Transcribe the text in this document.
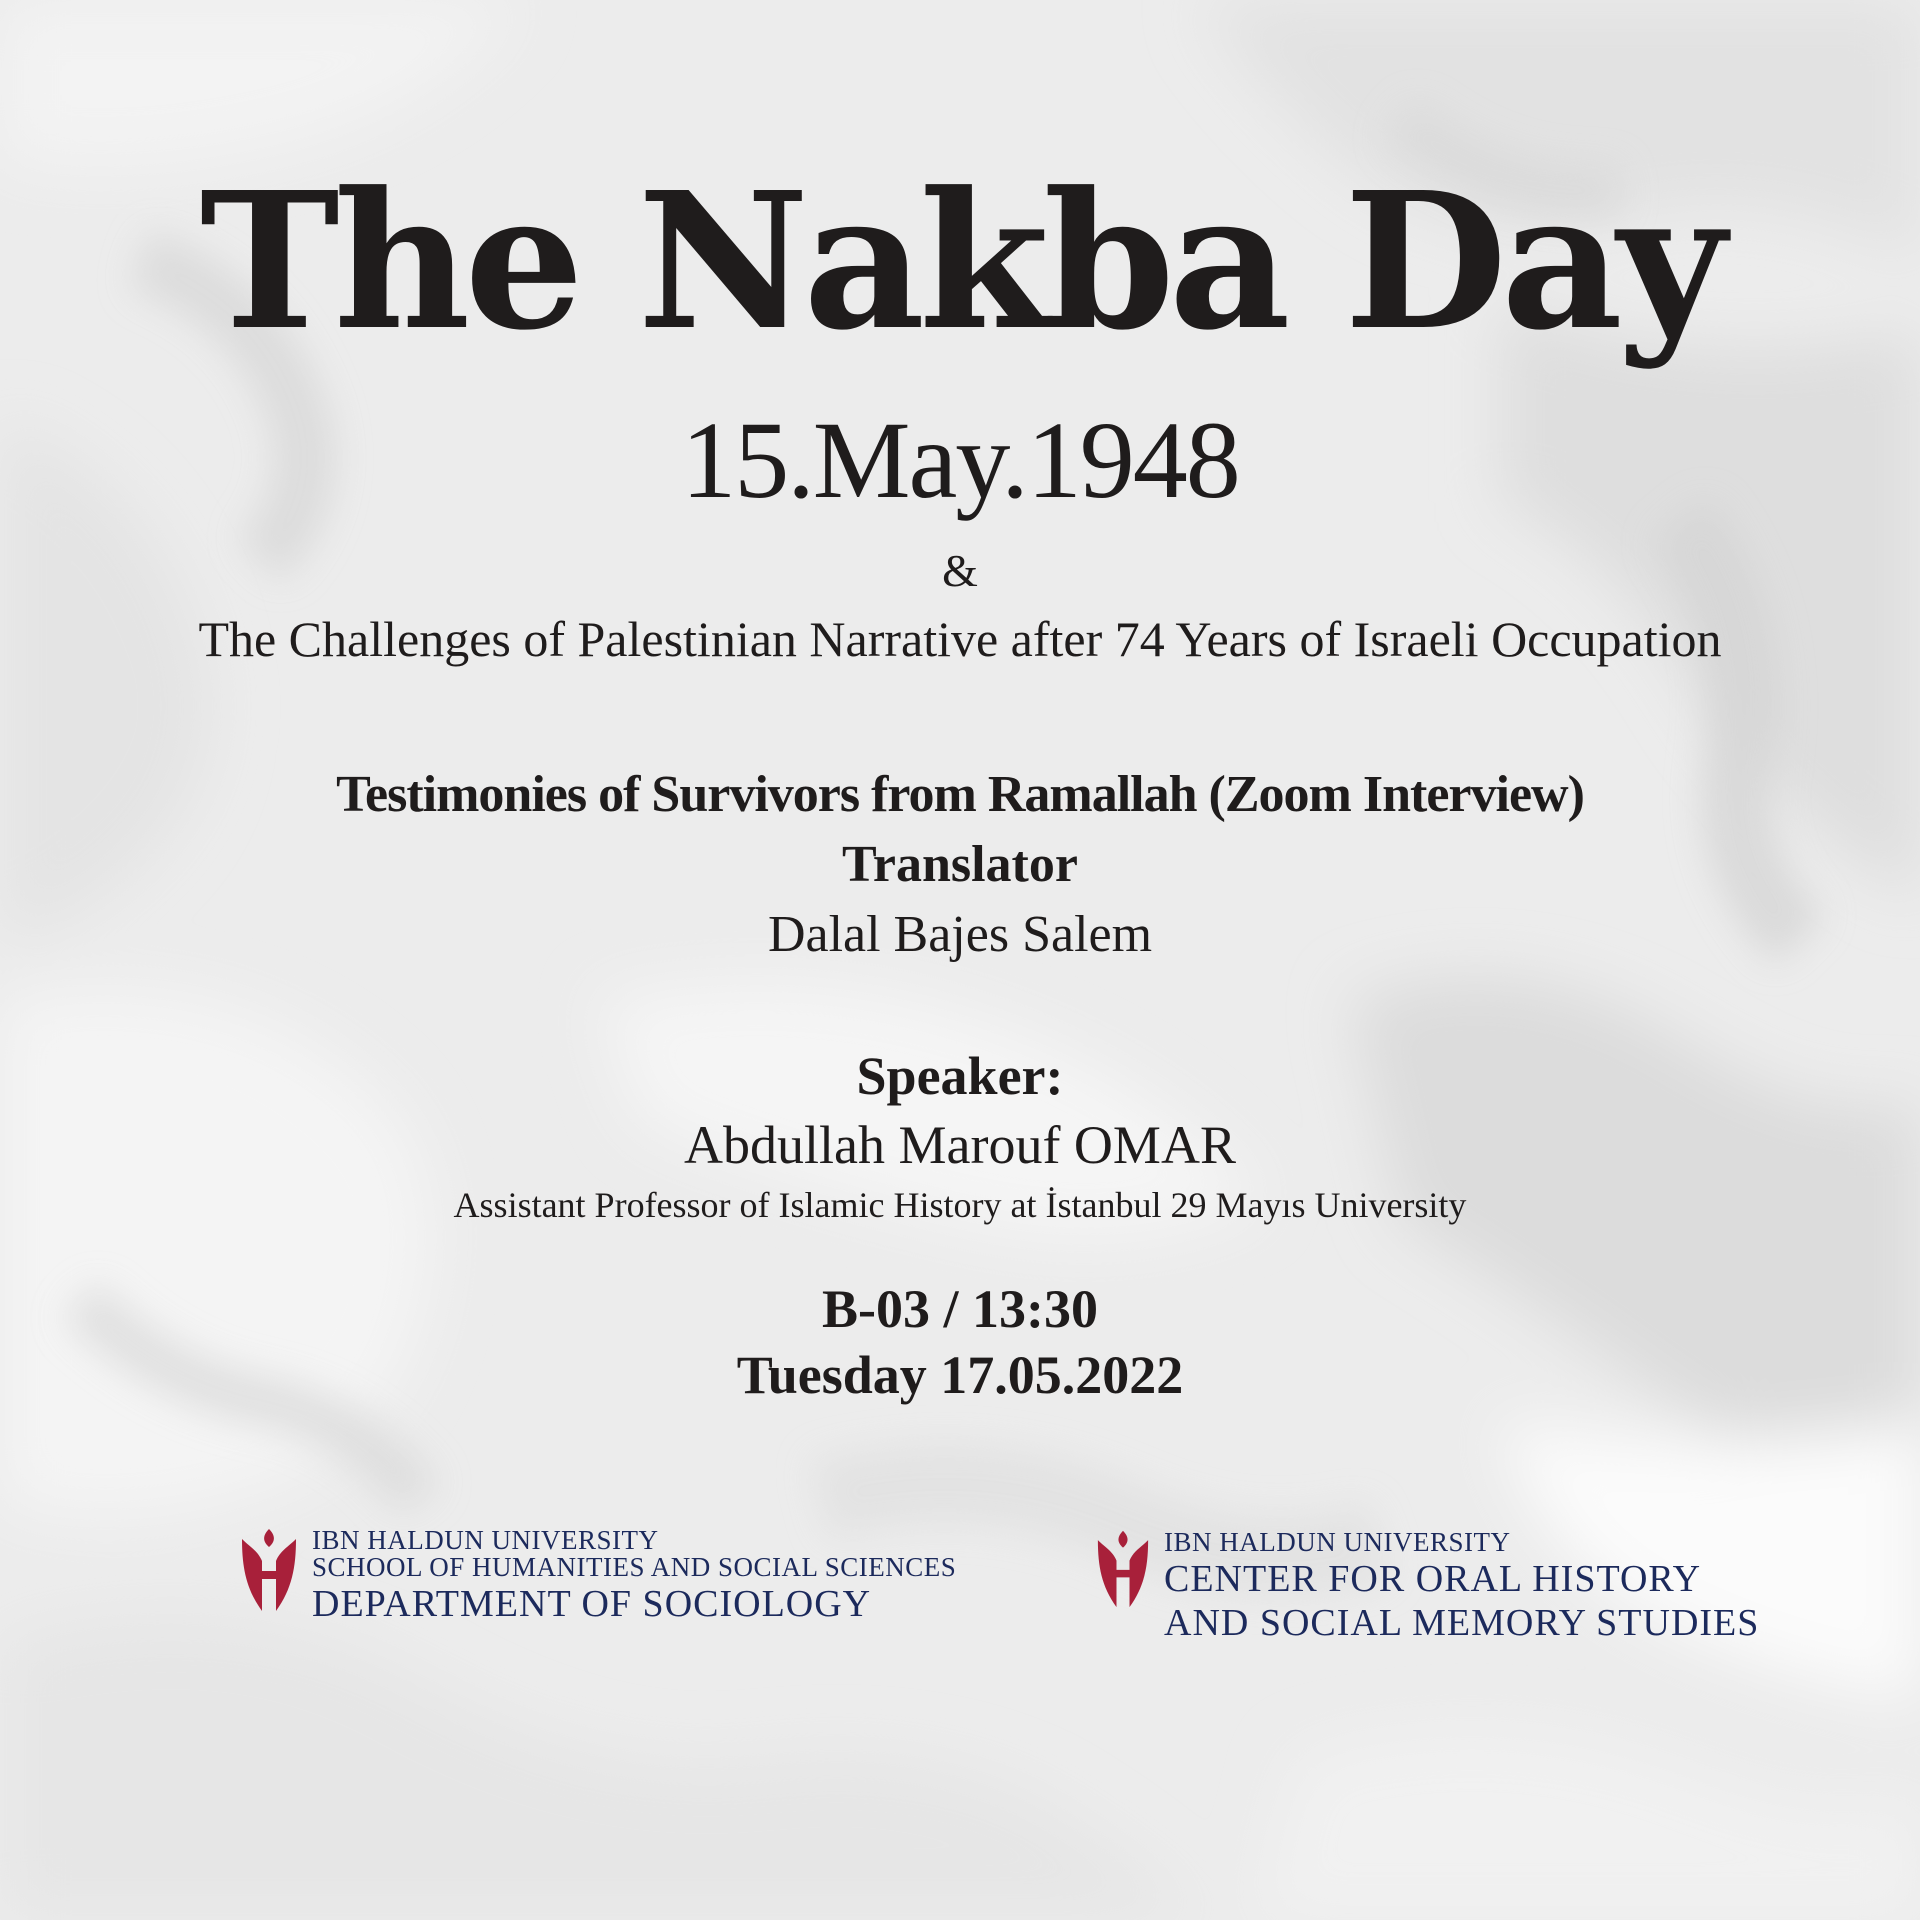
The Nakba Day
15.May.1948
&
The Challenges of Palestinian Narrative after 74 Years of Israeli Occupation
Testimonies of Survivors from Ramallah (Zoom Interview)
Translator
Dalal Bajes Salem
Speaker:
Abdullah Marouf OMAR
Assistant Professor of Islamic History at İstanbul 29 Mayıs University
B-03 / 13:30
Tuesday 17.05.2022
IBN HALDUN UNIVERSITY
SCHOOL OF HUMANITIES AND SOCIAL SCIENCES
DEPARTMENT OF SOCIOLOGY
IBN HALDUN UNIVERSITY
CENTER FOR ORAL HISTORY
AND SOCIAL MEMORY STUDIES
